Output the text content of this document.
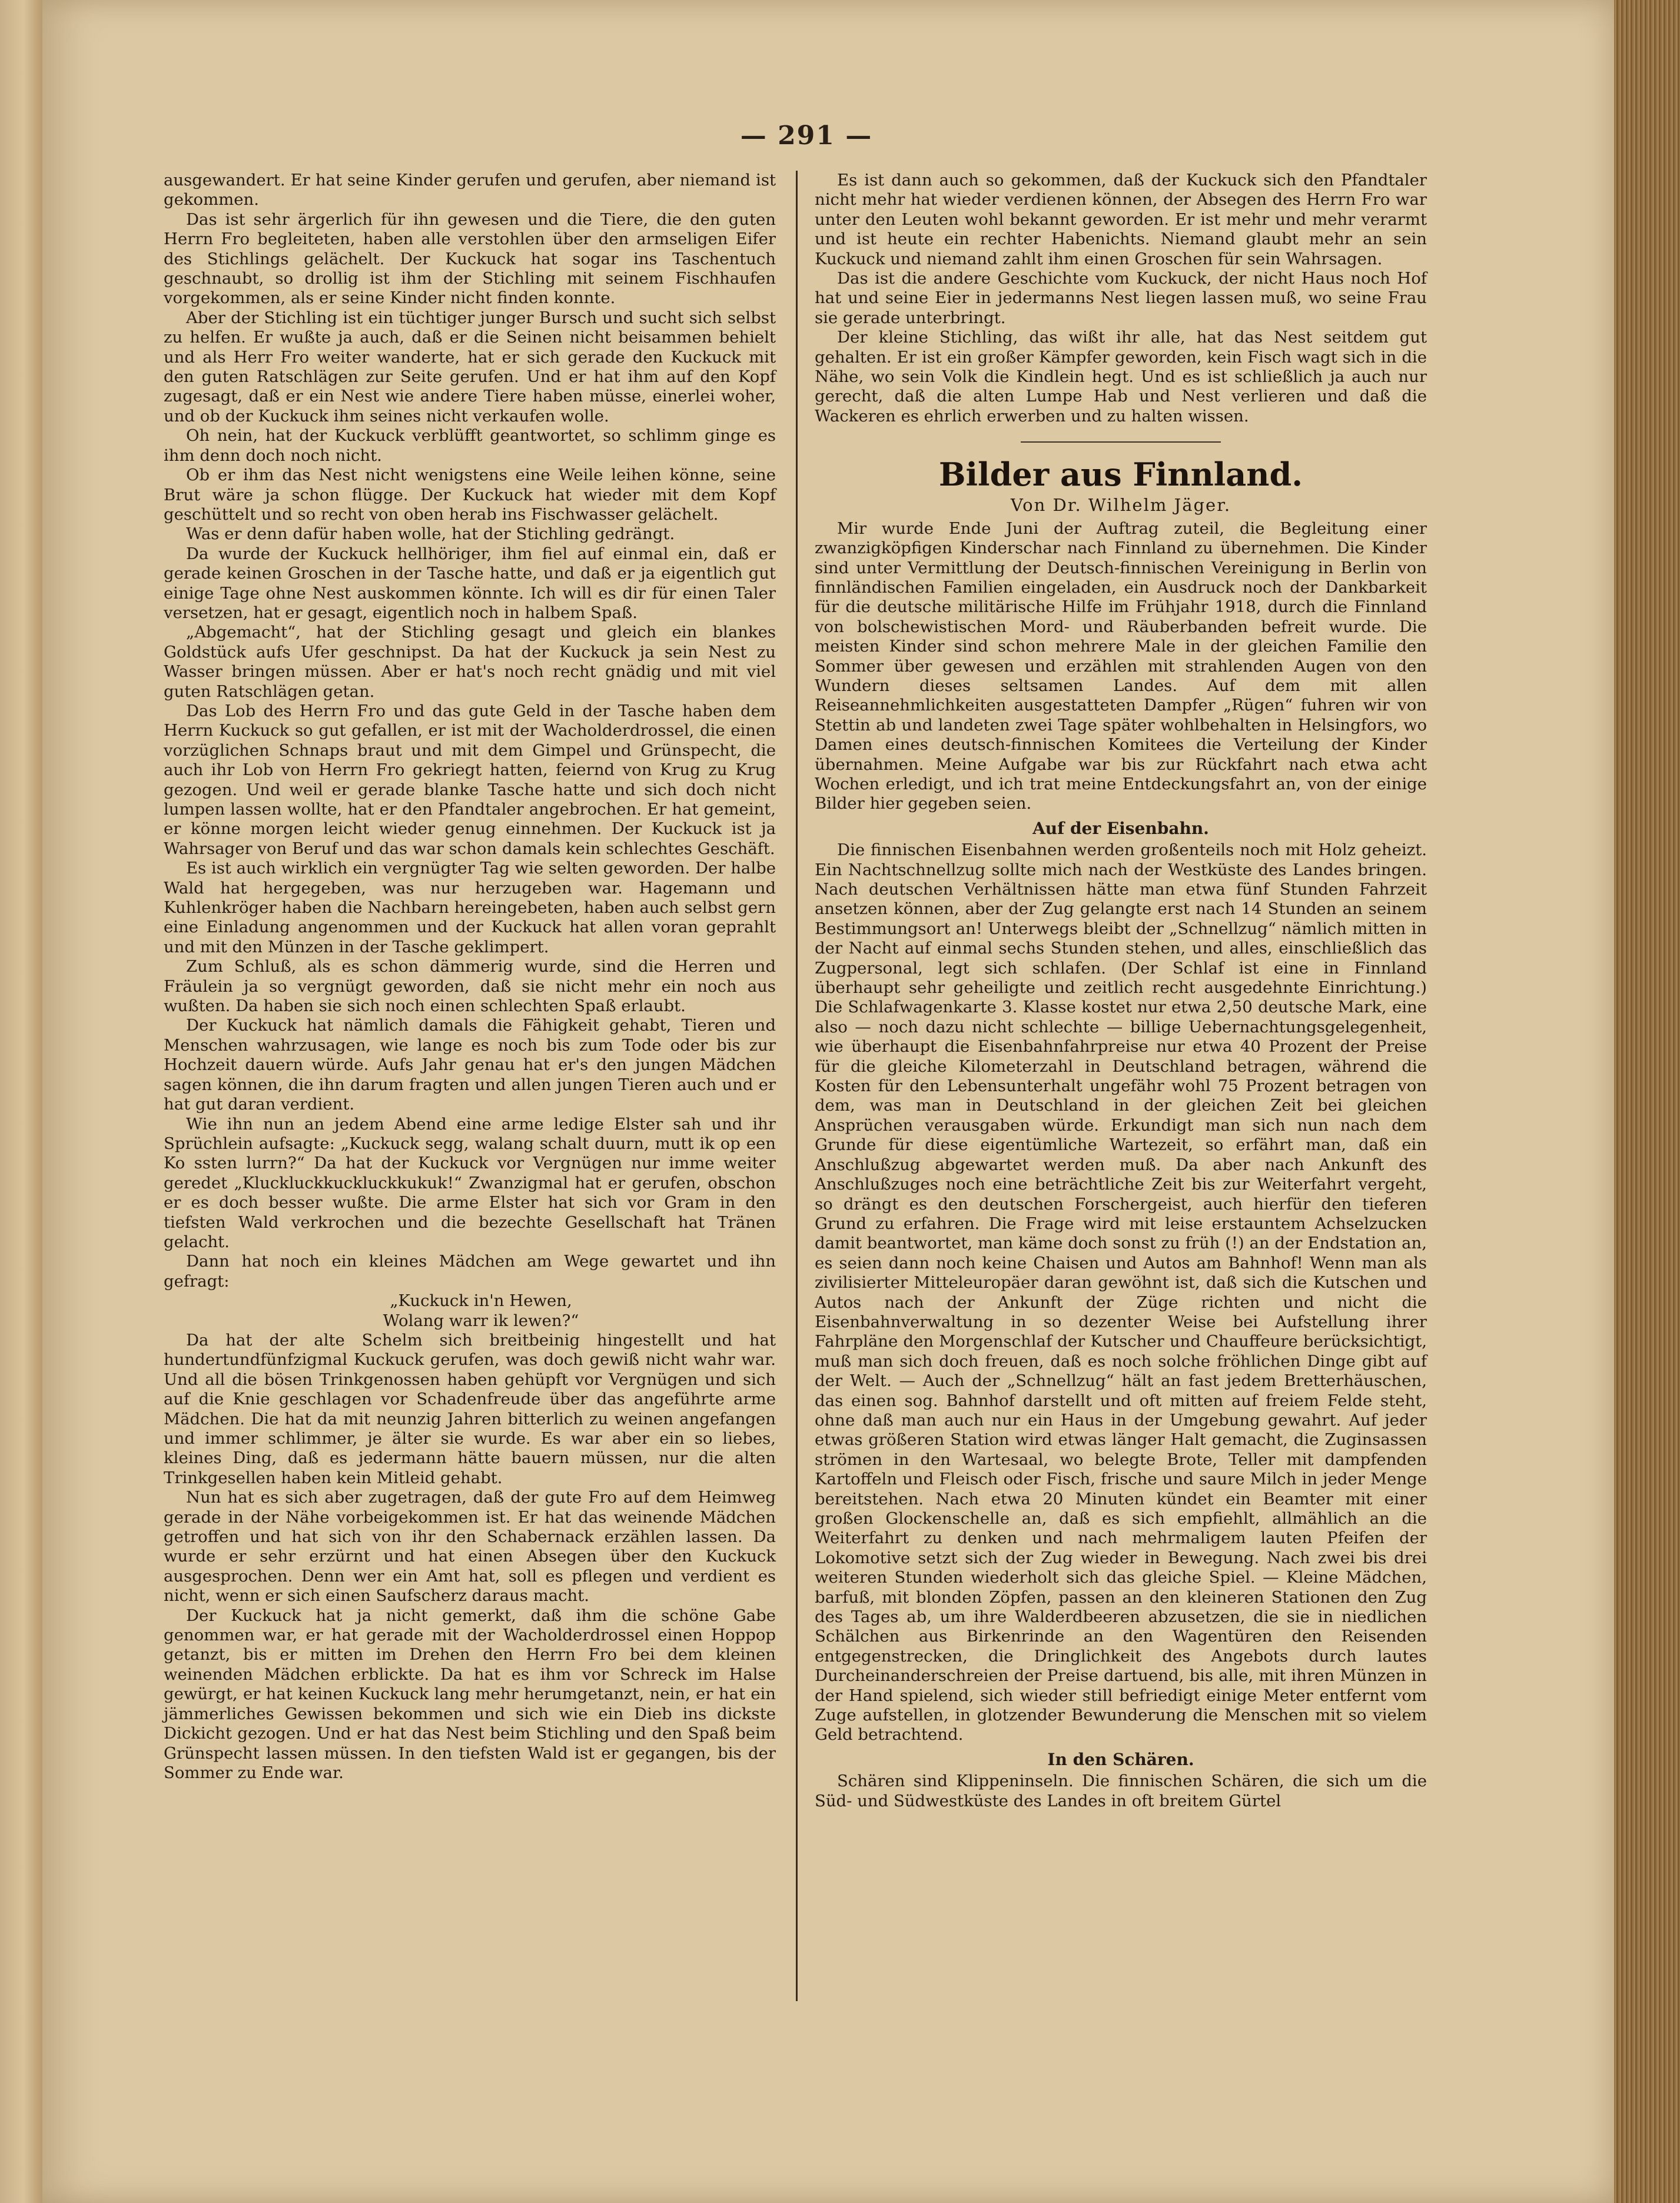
— 291 —

ausgewandert. Er hat seine Kinder gerufen und gerufen, aber niemand ist gekommen.

Das ist sehr ärgerlich für ihn gewesen und die Tiere, die den guten Herrn Fro begleiteten, haben alle verstohlen über den armseligen Eifer des Stichlings gelächelt. Der Kuckuck hat sogar ins Taschentuch geschnaubt, so drollig ist ihm der Stichling mit seinem Fischhaufen vorgekommen, als er seine Kinder nicht finden konnte.

Aber der Stichling ist ein tüchtiger junger Bursch und sucht sich selbst zu helfen. Er wußte ja auch, daß er die Seinen nicht beisammen behielt und als Herr Fro weiter wanderte, hat er sich gerade den Kuckuck mit den guten Ratschlägen zur Seite gerufen. Und er hat ihm auf den Kopf zugesagt, daß er ein Nest wie andere Tiere haben müsse, einerlei woher, und ob der Kuckuck ihm seines nicht verkaufen wolle.

Oh nein, hat der Kuckuck verblüfft geantwortet, so schlimm ginge es ihm denn doch noch nicht.

Ob er ihm das Nest nicht wenigstens eine Weile leihen könne, seine Brut wäre ja schon flügge. Der Kuckuck hat wieder mit dem Kopf geschüttelt und so recht von oben herab ins Fischwasser gelächelt.

Was er denn dafür haben wolle, hat der Stichling gedrängt.

Da wurde der Kuckuck hellhöriger, ihm fiel auf einmal ein, daß er gerade keinen Groschen in der Tasche hatte, und daß er ja eigentlich gut einige Tage ohne Nest auskommen könnte. Ich will es dir für einen Taler versetzen, hat er gesagt, eigentlich noch in halbem Spaß.

„Abgemacht“, hat der Stichling gesagt und gleich ein blankes Goldstück aufs Ufer geschnipst. Da hat der Kuckuck ja sein Nest zu Wasser bringen müssen. Aber er hat's noch recht gnädig und mit viel guten Ratschlägen getan.

Das Lob des Herrn Fro und das gute Geld in der Tasche haben dem Herrn Kuckuck so gut gefallen, er ist mit der Wacholderdrossel, die einen vorzüglichen Schnaps braut und mit dem Gimpel und Grünspecht, die auch ihr Lob von Herrn Fro gekriegt hatten, feiernd von Krug zu Krug gezogen. Und weil er gerade blanke Tasche hatte und sich doch nicht lumpen lassen wollte, hat er den Pfandtaler angebrochen. Er hat gemeint, er könne morgen leicht wieder genug einnehmen. Der Kuckuck ist ja Wahrsager von Beruf und das war schon damals kein schlechtes Geschäft.

Es ist auch wirklich ein vergnügter Tag wie selten geworden. Der halbe Wald hat hergegeben, was nur herzugeben war. Hagemann und Kuhlenkröger haben die Nachbarn hereingebeten, haben auch selbst gern eine Einladung angenommen und der Kuckuck hat allen voran geprahlt und mit den Münzen in der Tasche geklimpert.

Zum Schluß, als es schon dämmerig wurde, sind die Herren und Fräulein ja so vergnügt geworden, daß sie nicht mehr ein noch aus wußten. Da haben sie sich noch einen schlechten Spaß erlaubt.

Der Kuckuck hat nämlich damals die Fähigkeit gehabt, Tieren und Menschen wahrzusagen, wie lange es noch bis zum Tode oder bis zur Hochzeit dauern würde. Aufs Jahr genau hat er's den jungen Mädchen sagen können, die ihn darum fragten und allen jungen Tieren auch und er hat gut daran verdient.

Wie ihn nun an jedem Abend eine arme ledige Elster sah und ihr Sprüchlein aufsagte: „Kuckuck segg, walang schalt duurn, mutt ik op een Ko ssten lurrn?“ Da hat der Kuckuck vor Vergnügen nur imme weiter geredet „Kluckluckkuckluckkukuk!“ Zwanzigmal hat er gerufen, obschon er es doch besser wußte. Die arme Elster hat sich vor Gram in den tiefsten Wald verkrochen und die bezechte Gesellschaft hat Tränen gelacht.

Dann hat noch ein kleines Mädchen am Wege gewartet und ihn gefragt:

„Kuckuck in'n Hewen,

Wolang warr ik lewen?“

Da hat der alte Schelm sich breitbeinig hingestellt und hat hundertundfünfzigmal Kuckuck gerufen, was doch gewiß nicht wahr war. Und all die bösen Trinkgenossen haben gehüpft vor Vergnügen und sich auf die Knie geschlagen vor Schadenfreude über das angeführte arme Mädchen. Die hat da mit neunzig Jahren bitterlich zu weinen angefangen und immer schlimmer, je älter sie wurde. Es war aber ein so liebes, kleines Ding, daß es jedermann hätte bauern müssen, nur die alten Trinkgesellen haben kein Mitleid gehabt.

Nun hat es sich aber zugetragen, daß der gute Fro auf dem Heimweg gerade in der Nähe vorbeigekommen ist. Er hat das weinende Mädchen getroffen und hat sich von ihr den Schabernack erzählen lassen. Da wurde er sehr erzürnt und hat einen Absegen über den Kuckuck ausgesprochen. Denn wer ein Amt hat, soll es pflegen und verdient es nicht, wenn er sich einen Saufscherz daraus macht.

Der Kuckuck hat ja nicht gemerkt, daß ihm die schöne Gabe genommen war, er hat gerade mit der Wacholderdrossel einen Hoppop getanzt, bis er mitten im Drehen den Herrn Fro bei dem kleinen weinenden Mädchen erblickte. Da hat es ihm vor Schreck im Halse gewürgt, er hat keinen Kuckuck lang mehr herumgetanzt, nein, er hat ein jämmerliches Gewissen bekommen und sich wie ein Dieb ins dickste Dickicht gezogen. Und er hat das Nest beim Stichling und den Spaß beim Grünspecht lassen müssen. In den tiefsten Wald ist er gegangen, bis der Sommer zu Ende war.

Es ist dann auch so gekommen, daß der Kuckuck sich den Pfandtaler nicht mehr hat wieder verdienen können, der Absegen des Herrn Fro war unter den Leuten wohl bekannt geworden. Er ist mehr und mehr verarmt und ist heute ein rechter Habenichts. Niemand glaubt mehr an sein Kuckuck und niemand zahlt ihm einen Groschen für sein Wahrsagen.

Das ist die andere Geschichte vom Kuckuck, der nicht Haus noch Hof hat und seine Eier in jedermanns Nest liegen lassen muß, wo seine Frau sie gerade unterbringt.

Der kleine Stichling, das wißt ihr alle, hat das Nest seitdem gut gehalten. Er ist ein großer Kämpfer geworden, kein Fisch wagt sich in die Nähe, wo sein Volk die Kindlein hegt. Und es ist schließlich ja auch nur gerecht, daß die alten Lumpe Hab und Nest verlieren und daß die Wackeren es ehrlich erwerben und zu halten wissen.

Bilder aus Finnland.
Von Dr. Wilhelm Jäger.

Mir wurde Ende Juni der Auftrag zuteil, die Begleitung einer zwanzigköpfigen Kinderschar nach Finnland zu übernehmen. Die Kinder sind unter Vermittlung der Deutsch-finnischen Vereinigung in Berlin von finnländischen Familien eingeladen, ein Ausdruck noch der Dankbarkeit für die deutsche militärische Hilfe im Frühjahr 1918, durch die Finnland von bolschewistischen Mord- und Räuberbanden befreit wurde. Die meisten Kinder sind schon mehrere Male in der gleichen Familie den Sommer über gewesen und erzählen mit strahlenden Augen von den Wundern dieses seltsamen Landes. Auf dem mit allen Reiseannehmlichkeiten ausgestatteten Dampfer „Rügen“ fuhren wir von Stettin ab und landeten zwei Tage später wohlbehalten in Helsingfors, wo Damen eines deutsch-finnischen Komitees die Verteilung der Kinder übernahmen. Meine Aufgabe war bis zur Rückfahrt nach etwa acht Wochen erledigt, und ich trat meine Entdeckungsfahrt an, von der einige Bilder hier gegeben seien.

Auf der Eisenbahn.

Die finnischen Eisenbahnen werden großenteils noch mit Holz geheizt. Ein Nachtschnellzug sollte mich nach der Westküste des Landes bringen. Nach deutschen Verhältnissen hätte man etwa fünf Stunden Fahrzeit ansetzen können, aber der Zug gelangte erst nach 14 Stunden an seinem Bestimmungsort an! Unterwegs bleibt der „Schnellzug“ nämlich mitten in der Nacht auf einmal sechs Stunden stehen, und alles, einschließlich das Zugpersonal, legt sich schlafen. (Der Schlaf ist eine in Finnland überhaupt sehr geheiligte und zeitlich recht ausgedehnte Einrichtung.) Die Schlafwagenkarte 3. Klasse kostet nur etwa 2,50 deutsche Mark, eine also — noch dazu nicht schlechte — billige Uebernachtungsgelegenheit, wie überhaupt die Eisenbahnfahrpreise nur etwa 40 Prozent der Preise für die gleiche Kilometerzahl in Deutschland betragen, während die Kosten für den Lebensunterhalt ungefähr wohl 75 Prozent betragen von dem, was man in Deutschland in der gleichen Zeit bei gleichen Ansprüchen verausgaben würde. Erkundigt man sich nun nach dem Grunde für diese eigentümliche Wartezeit, so erfährt man, daß ein Anschlußzug abgewartet werden muß. Da aber nach Ankunft des Anschlußzuges noch eine beträchtliche Zeit bis zur Weiterfahrt vergeht, so drängt es den deutschen Forschergeist, auch hierfür den tieferen Grund zu erfahren. Die Frage wird mit leise erstauntem Achselzucken damit beantwortet, man käme doch sonst zu früh (!) an der Endstation an, es seien dann noch keine Chaisen und Autos am Bahnhof! Wenn man als zivilisierter Mitteleuropäer daran gewöhnt ist, daß sich die Kutschen und Autos nach der Ankunft der Züge richten und nicht die Eisenbahnverwaltung in so dezenter Weise bei Aufstellung ihrer Fahrpläne den Morgenschlaf der Kutscher und Chauffeure berücksichtigt, muß man sich doch freuen, daß es noch solche fröhlichen Dinge gibt auf der Welt. — Auch der „Schnellzug“ hält an fast jedem Bretterhäuschen, das einen sog. Bahnhof darstellt und oft mitten auf freiem Felde steht, ohne daß man auch nur ein Haus in der Umgebung gewahrt. Auf jeder etwas größeren Station wird etwas länger Halt gemacht, die Zuginsassen strömen in den Wartesaal, wo belegte Brote, Teller mit dampfenden Kartoffeln und Fleisch oder Fisch, frische und saure Milch in jeder Menge bereitstehen. Nach etwa 20 Minuten kündet ein Beamter mit einer großen Glockenschelle an, daß es sich empfiehlt, allmählich an die Weiterfahrt zu denken und nach mehrmaligem lauten Pfeifen der Lokomotive setzt sich der Zug wieder in Bewegung. Nach zwei bis drei weiteren Stunden wiederholt sich das gleiche Spiel. — Kleine Mädchen, barfuß, mit blonden Zöpfen, passen an den kleineren Stationen den Zug des Tages ab, um ihre Walderdbeeren abzusetzen, die sie in niedlichen Schälchen aus Birkenrinde an den Wagentüren den Reisenden entgegenstrecken, die Dringlichkeit des Angebots durch lautes Durcheinanderschreien der Preise dartuend, bis alle, mit ihren Münzen in der Hand spielend, sich wieder still befriedigt einige Meter entfernt vom Zuge aufstellen, in glotzender Bewunderung die Menschen mit so vielem Geld betrachtend.

In den Schären.

Schären sind Klippeninseln. Die finnischen Schären, die sich um die Süd- und Südwestküste des Landes in oft breitem Gürtel
